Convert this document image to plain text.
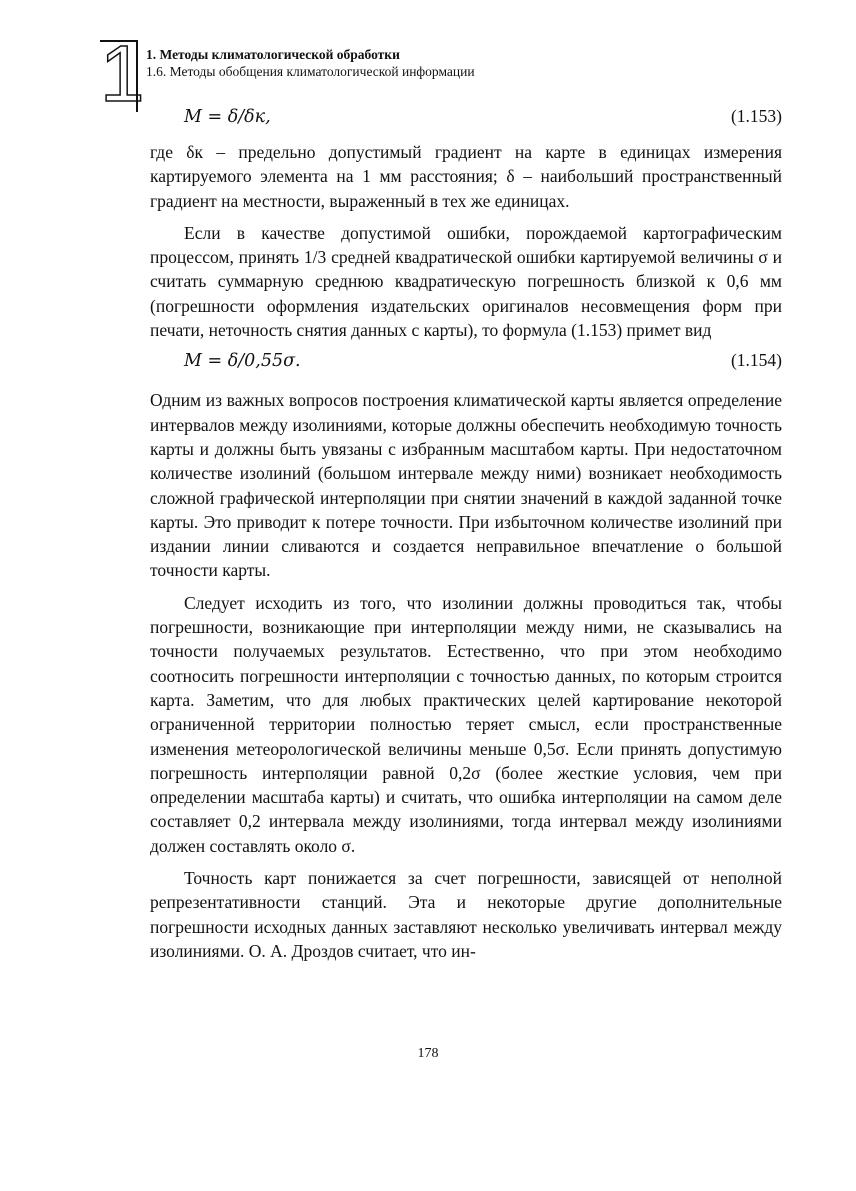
1 1. Методы климатологической обработки

1.6. Методы обобщения климатологической информации

M = δ/δк,	(1.153)

где δк – предельно допустимый градиент на карте в единицах измерения картируемого элемента на 1 мм расстояния; δ – наибольший пространственный градиент на местности, выраженный в тех же единицах.

Если в качестве допустимой ошибки, порождаемой картографическим процессом, принять 1/3 средней квадратической ошибки картируемой величины σ и считать суммарную среднюю квадратическую погрешность близкой к 0,6 мм (погрешности оформления издательских оригиналов несовмещения форм при печати, неточность снятия данных с карты), то формула (1.153) примет вид

M = δ/0,55σ.	(1.154)

Одним из важных вопросов построения климатической карты является определение интервалов между изолиниями, которые должны обеспечить необходимую точность карты и должны быть увязаны с избранным масштабом карты. При недостаточном количестве изолиний (большом интервале между ними) возникает необходимость сложной графической интерполяции при снятии значений в каждой заданной точке карты. Это приводит к потере точности. При избыточном количестве изолиний при издании линии сливаются и создается неправильное впечатление о большой точности карты.

Следует исходить из того, что изолинии должны проводиться так, чтобы погрешности, возникающие при интерполяции между ними, не сказывались на точности получаемых результатов. Естественно, что при этом необходимо соотносить погрешности интерполяции с точностью данных, по которым строится карта. Заметим, что для любых практических целей картирование некоторой ограниченной территории полностью теряет смысл, если пространственные изменения метеорологической величины меньше 0,5σ. Если принять допустимую погрешность интерполяции равной 0,2σ (более жесткие условия, чем при определении масштаба карты) и считать, что ошибка интерполяции на самом деле составляет 0,2 интервала между изолиниями, тогда интервал между изолиниями должен составлять около σ.

Точность карт понижается за счет погрешности, зависящей от неполной репрезентативности станций. Эта и некоторые другие дополнительные погрешности исходных данных заставляют несколько увеличивать интервал между изолиниями. О. А. Дроздов считает, что ин-

178
